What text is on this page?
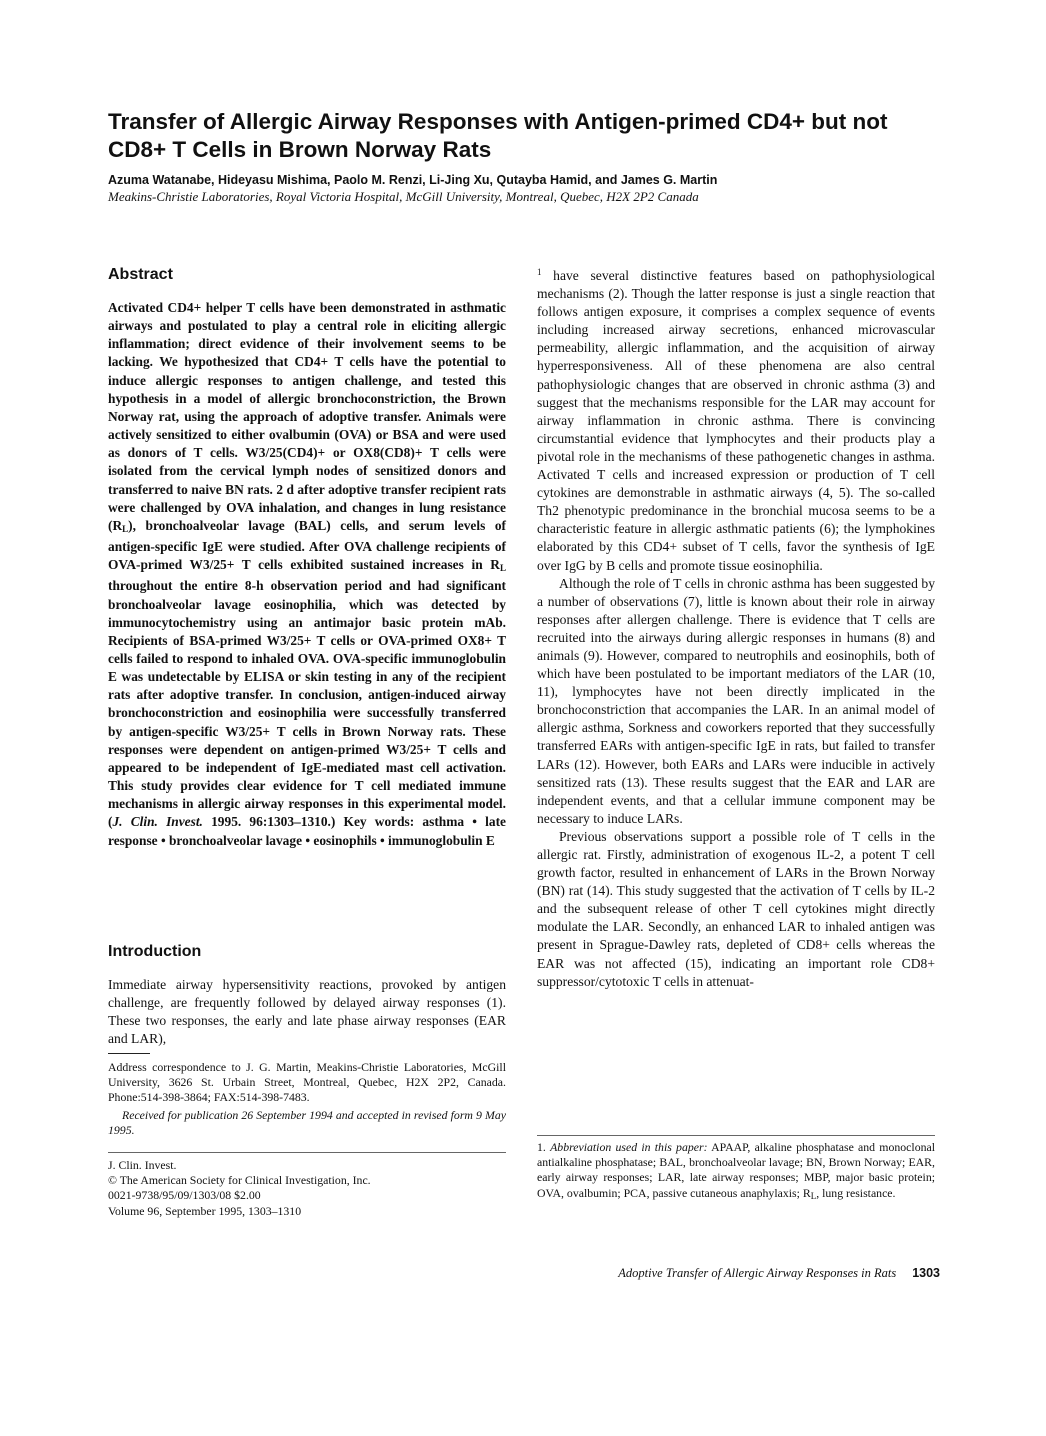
Transfer of Allergic Airway Responses with Antigen-primed CD4+ but not CD8+ T Cells in Brown Norway Rats
Azuma Watanabe, Hideyasu Mishima, Paolo M. Renzi, Li-Jing Xu, Qutayba Hamid, and James G. Martin
Meakins-Christie Laboratories, Royal Victoria Hospital, McGill University, Montreal, Quebec, H2X 2P2 Canada
Abstract

Activated CD4+ helper T cells have been demonstrated in asthmatic airways and postulated to play a central role in eliciting allergic inflammation; direct evidence of their involvement seems to be lacking. We hypothesized that CD4+ T cells have the potential to induce allergic responses to antigen challenge, and tested this hypothesis in a model of allergic bronchoconstriction, the Brown Norway rat, using the approach of adoptive transfer. Animals were actively sensitized to either ovalbumin (OVA) or BSA and were used as donors of T cells. W3/25(CD4)+ or OX8(CD8)+ T cells were isolated from the cervical lymph nodes of sensitized donors and transferred to naive BN rats. 2 d after adoptive transfer recipient rats were challenged by OVA inhalation, and changes in lung resistance $(R_L)$, bronchoalveolar lavage (BAL) cells, and serum levels of antigen-specific IgE were studied. After OVA challenge recipients of OVA-primed W3/25+ T cells exhibited sustained increases in $R_L$ throughout the entire 8-h observation period and had significant bronchoalveolar lavage eosinophilia, which was detected by immunocytochemistry using an antimajor basic protein mAb. Recipients of BSA-primed W3/25+ T cells or OVA-primed OX8+ T cells failed to respond to inhaled OVA. OVA-specific immunoglobulin E was undetectable by ELISA or skin testing in any of the recipient rats after adoptive transfer. In conclusion, antigen-induced airway bronchoconstriction and eosinophilia were successfully transferred by antigen-specific W3/25+ T cells in Brown Norway rats. These responses were dependent on antigen-primed W3/25+ T cells and appeared to be independent of IgE-mediated mast cell activation. This study provides clear evidence for T cell mediated immune mechanisms in allergic airway responses in this experimental model. (J. Clin. Invest. 1995. 96:1303–1310.) Key words: asthma • late response • bronchoalveolar lavage • eosinophils • immunoglobulin E

Introduction

Immediate airway hypersensitivity reactions, provoked by antigen challenge, are frequently followed by delayed airway responses (1). These two responses, the early and late phase airway responses (EAR and LAR),

Address correspondence to J. G. Martin, Meakins-Christie Laboratories, McGill University, 3626 St. Urbain Street, Montreal, Quebec, H2X 2P2, Canada. Phone:514-398-3864; FAX:514-398-7483.

Received for publication 26 September 1994 and accepted in revised form 9 May 1995.

J. Clin. Invest.

© The American Society for Clinical Investigation, Inc.

0021-9738/95/09/1303/08 $2.00

Volume 96, September 1995, 1303–1310

$^1$ have several distinctive features based on pathophysiological mechanisms (2). Though the latter response is just a single reaction that follows antigen exposure, it comprises a complex sequence of events including increased airway secretions, enhanced microvascular permeability, allergic inflammation, and the acquisition of airway hyperresponsiveness. All of these phenomena are also central pathophysiologic changes that are observed in chronic asthma (3) and suggest that the mechanisms responsible for the LAR may account for airway inflammation in chronic asthma. There is convincing circumstantial evidence that lymphocytes and their products play a pivotal role in the mechanisms of these pathogenetic changes in asthma. Activated T cells and increased expression or production of T cell cytokines are demonstrable in asthmatic airways (4, 5). The so-called Th2 phenotypic predominance in the bronchial mucosa seems to be a characteristic feature in allergic asthmatic patients (6); the lymphokines elaborated by this CD4+ subset of T cells, favor the synthesis of IgE over IgG by B cells and promote tissue eosinophilia.

Although the role of T cells in chronic asthma has been suggested by a number of observations (7), little is known about their role in airway responses after allergen challenge. There is evidence that T cells are recruited into the airways during allergic responses in humans (8) and animals (9). However, compared to neutrophils and eosinophils, both of which have been postulated to be important mediators of the LAR (10, 11), lymphocytes have not been directly implicated in the bronchoconstriction that accompanies the LAR. In an animal model of allergic asthma, Sorkness and coworkers reported that they successfully transferred EARs with antigen-specific IgE in rats, but failed to transfer LARs (12). However, both EARs and LARs were inducible in actively sensitized rats (13). These results suggest that the EAR and LAR are independent events, and that a cellular immune component may be necessary to induce LARs.

Previous observations support a possible role of T cells in the allergic rat. Firstly, administration of exogenous IL-2, a potent T cell growth factor, resulted in enhancement of LARs in the Brown Norway (BN) rat (14). This study suggested that the activation of T cells by IL-2 and the subsequent release of other T cell cytokines might directly modulate the LAR. Secondly, an enhanced LAR to inhaled antigen was present in Sprague-Dawley rats, depleted of CD8+ cells whereas the EAR was not affected (15), indicating an important role CD8+ suppressor/cytotoxic T cells in attenuat-

1. Abbreviation used in this paper: APAAP, alkaline phosphatase and monoclonal antialkaline phosphatase; BAL, bronchoalveolar lavage; BN, Brown Norway; EAR, early airway responses; LAR, late airway responses; MBP, major basic protein; OVA, ovalbumin; PCA, passive cutaneous anaphylaxis; $R_L$, lung resistance.

Adoptive Transfer of Allergic Airway Responses in Rats 1303
